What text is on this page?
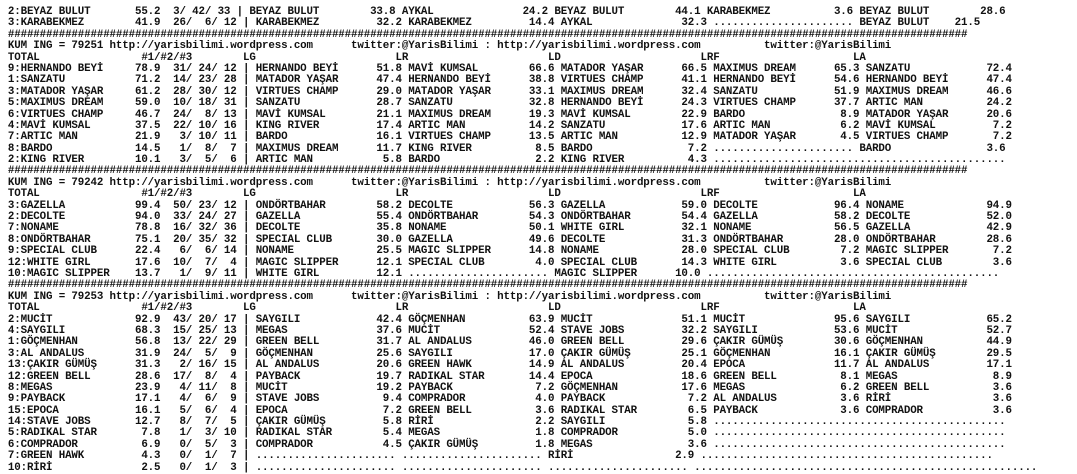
2:BEYAZ BULUT       55.2  3/ 42/ 33 | BEYAZ BULUT        33.8 AYKAL              24.2 BEYAZ BULUT        44.1 KARABEKMEZ          3.6 BEYAZ BULUT        28.6
3:KARABEKMEZ        41.9  26/  6/ 12 | KARABEKMEZ         32.2 KARABEKMEZ         14.4 AYKAL              32.3 ...................... BEYAZ BULUT    21.5
#######################################################################################################################################################
KUM ING = 79251 http://yarisbilimi.wordpress.com      twitter:@YarisBilimi : http://yarisbilimi.wordpress.com          twitter:@YarisBilimi
TOTAL                #1/#2/#3        LG                      LR                      LD                      LRF                     LA
9:HERNANDO BEYİ     78.9  31/ 24/ 12 | HERNANDO BEYİ      51.8 MAVİ KUMSAL        66.6 MATADOR YAŞAR      66.5 MAXIMUS DREAM      65.3 SANZATU            72.4
1:SANZATU           71.2  14/ 23/ 28 | MATADOR YAŞAR      47.4 HERNANDO BEYİ      38.8 VIRTUES CHAMP      41.1 HERNANDO BEYİ      54.6 HERNANDO BEYİ      47.4
3:MATADOR YAŞAR     61.2  28/ 30/ 12 | VIRTUES CHAMP      29.0 MATADOR YAŞAR      33.1 MAXIMUS DREAM      32.4 SANZATU            51.9 MAXIMUS DREAM      46.6
5:MAXIMUS DREAM     59.0  10/ 18/ 31 | SANZATU            28.7 SANZATU            32.8 HERNANDO BEYİ      24.3 VIRTUES CHAMP      37.7 ARTIC MAN          24.2
6:VIRTUES CHAMP     46.7  24/  8/ 13 | MAVİ KUMSAL        21.1 MAXIMUS DREAM      19.3 MAVİ KUMSAL        22.9 BARDO               8.9 MATADOR YAŞAR      20.6
4:MAVİ KUMSAL       37.5  22/ 10/ 16 | KING RIVER         17.4 ARTIC MAN          14.2 SANZATU            17.6 ARTIC MAN           6.2 MAVİ KUMSAL         7.2
7:ARTIC MAN         21.9   3/ 10/ 11 | BARDO              16.1 VIRTUES CHAMP      13.5 ARTIC MAN          12.9 MATADOR YAŞAR       4.5 VIRTUES CHAMP       7.2
8:BARDO             14.5   1/  8/  7 | MAXIMUS DREAM      11.7 KING RIVER          8.5 BARDO               7.2 ...................... BARDO               3.6
2:KING RIVER        10.1   3/  5/  6 | ARTIC MAN           5.8 BARDO               2.2 KING RIVER          4.3 ..............................................
#######################################################################################################################################################
KUM ING = 79242 http://yarisbilimi.wordpress.com      twitter:@YarisBilimi : http://yarisbilimi.wordpress.com          twitter:@YarisBilimi
TOTAL                #1/#2/#3        LG                      LR                      LD                      LRF                     LA
3:GAZELLA           99.4  50/ 23/ 12 | ONDÖRTBAHAR        58.2 DECOLTE            56.3 GAZELLA            59.0 DECOLTE            96.4 NONAME             94.9
2:DECOLTE           94.0  33/ 24/ 27 | GAZELLA            55.4 ONDÖRTBAHAR        54.3 ONDÖRTBAHAR        54.4 GAZELLA            58.2 DECOLTE            52.0
7:NONAME            78.8  16/ 32/ 36 | DECOLTE            35.8 NONAME             50.1 WHITE GIRL         32.1 NONAME             56.5 GAZELLA            42.9
8:ONDÖRTBAHAR       75.1  20/ 35/ 32 | SPECIAL CLUB       30.0 GAZELLA            49.6 DECOLTE            31.3 ONDÖRTBAHAR        28.0 ONDÖRTBAHAR        28.6
9:SPECIAL CLUB      22.4   6/  6/ 14 | NONAME             25.5 MAGIC SLIPPER      14.8 NONAME             28.0 SPECIAL CLUB        7.2 MAGIC SLIPPER       7.2
12:WHITE GIRL       17.6  10/  7/  4 | MAGIC SLIPPER      12.1 SPECIAL CLUB        4.0 SPECIAL CLUB       14.3 WHITE GIRL          3.6 SPECIAL CLUB        3.6
10:MAGIC SLIPPER    13.7   1/  9/ 11 | WHITE GIRL         12.1 ...................... MAGIC SLIPPER      10.0 ..............................................
#######################################################################################################################################################
KUM ING = 79253 http://yarisbilimi.wordpress.com      twitter:@YarisBilimi : http://yarisbilimi.wordpress.com          twitter:@YarisBilimi
TOTAL                #1/#2/#3        LG                      LR                      LD                      LRF                     LA
2:MUCİT             92.9  43/ 20/ 17 | SAYGILI            42.4 GÖÇMENHAN          63.9 MUCİT              51.1 MUCİT              95.6 SAYGILI            65.2
4:SAYGILI           68.3  15/ 25/ 13 | MEGAS              37.6 MUCİT              52.4 STAVE JOBS         32.2 SAYGILI            53.6 MUCİT              52.7
1:GÖÇMENHAN         56.8  13/ 22/ 29 | GREEN BELL         31.7 AL ANDALUS         46.0 GREEN BELL         29.6 ÇAKIR GÜMÜŞ        30.6 GÖÇMENHAN          44.9
3:AL ANDALUS        31.9  24/  5/  9 | GÖÇMENHAN          25.6 SAYGILI            17.0 ÇAKIR GÜMÜŞ        25.1 GÖÇMENHAN          16.1 ÇAKIR GÜMÜŞ        29.5
13:ÇAKIR GÜMÜŞ      31.3   2/ 16/ 15 | AL ANDALUS         20.6 GREEN HAWK         14.9 AL ANDALUS         20.4 EPOCA              11.7 AL ANDALUS         17.1
12:GREEN BELL       28.6  17/  8/  4 | PAYBACK            19.7 RADIKAL STAR       14.4 EPOCA              18.6 GREEN BELL          8.1 MEGAS               8.9
8:MEGAS             23.9   4/ 11/  8 | MUCİT              19.2 PAYBACK             7.2 GÖÇMENHAN          17.6 MEGAS               6.2 GREEN BELL          3.6
9:PAYBACK           17.1   4/  6/  9 | STAVE JOBS          9.4 COMPRADOR           4.0 PAYBACK             7.2 AL ANDALUS          3.6 RİRİ                3.6
15:EPOCA            16.1   5/  6/  4 | EPOCA               7.2 GREEN BELL          3.6 RADIKAL STAR        6.5 PAYBACK             3.6 COMPRADOR           3.6
14:STAVE JOBS       12.7   8/  7/  5 | ÇAKIR GÜMÜŞ         5.8 RİRİ                2.2 SAYGILI             5.8 ..............................................
5:RADIKAL STAR       7.8   1/  3/ 10 | RADIKAL STAR        5.4 MEGAS               1.8 COMPRADOR           5.0 ..............................................
6:COMPRADOR          6.9   0/  5/  3 | COMPRADOR           4.5 ÇAKIR GÜMÜŞ         1.8 MEGAS               3.6 ..............................................
7:GREEN HAWK         4.3   0/  1/  7 | ...................... ...................... RİRİ                2.9 ..............................................
10:RİRİ              2.5   0/  1/  3 | ...................... ...................... ...................... ......................................................
